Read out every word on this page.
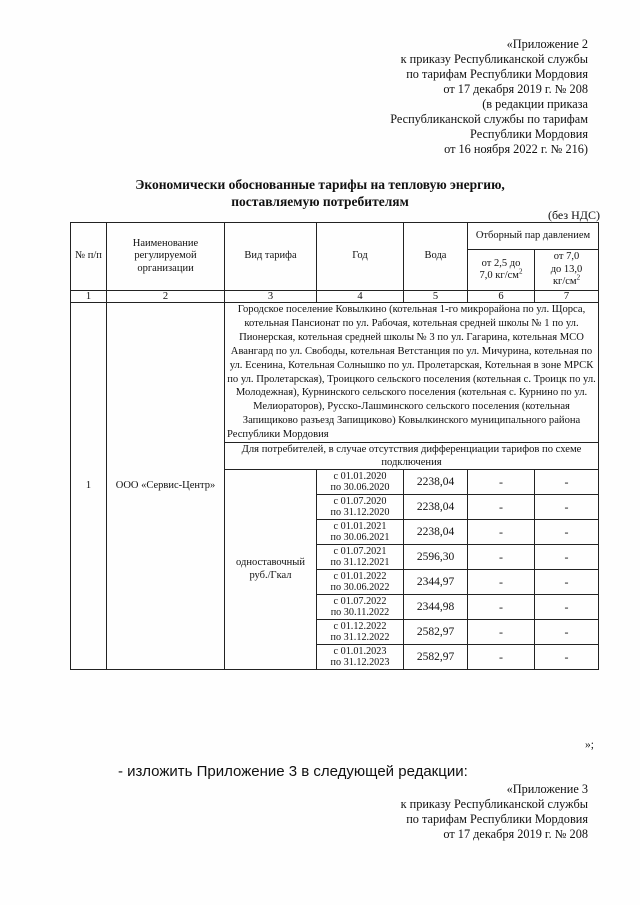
«Приложение 2
к приказу Республиканской службы
по тарифам Республики Мордовия
от 17 декабря 2019 г. № 208
(в редакции приказа
Республиканской службы по тарифам
Республики Мордовия
от 16 ноября 2022 г. № 216)
Экономически обоснованные тарифы на тепловую энергию,
поставляемую потребителям
(без НДС)
№ п/п	Наименование регулируемой организации	Вид тарифа	Год	Вода	Отборный пар давлением	
					от 2,5 до
7,0 $кг/см^2$	от 7,0
до 13,0
$кг/см^2$
1	2	3	4	5	6	7
1	ООО «Сервис-Центр»	Городское поселение Ковылкино (котельная 1-го микрорайона по ул. Щорса, котельная Пансионат по ул. Рабочая, котельная средней школы № 1 по ул. Пионерская, котельная средней школы № 3 по ул. Гагарина, котельная МСО Авангард по ул. Свободы, котельная Ветстанция по ул. Мичурина, котельная по ул. Есенина, Котельная Солнышко по ул. Пролетарская, Котельная в зоне МРСК по ул. Пролетарская), Троицкого сельского поселения (котельная с. Троицк по ул. Молодежная), Курнинского сельского поселения (котельная с. Курнино по ул. Мелиораторов), Русско-Лашминского сельского поселения (котельная Запищиково разъезд Запищиково) Ковылкинского муниципального района Республики Мордовия				
		Для потребителей, в случае отсутствия дифференциации тарифов по схеме подключения				
		одноставочный руб./Гкал	с 01.01.2020
по 30.06.2020	2238,04	-	-
			с 01.07.2020
по 31.12.2020	2238,04	-	-
			с 01.01.2021
по 30.06.2021	2238,04	-	-
			с 01.07.2021
по 31.12.2021	2596,30	-	-
			с 01.01.2022
по 30.06.2022	2344,97	-	-
			с 01.07.2022
по 30.11.2022	2344,98	-	-
			с 01.12.2022
по 31.12.2022	2582,97	-	-
			с 01.01.2023
по 31.12.2023	2582,97	-	-
»;
- изложить Приложение 3 в следующей редакции:
«Приложение 3
к приказу Республиканской службы
по тарифам Республики Мордовия
от 17 декабря 2019 г. № 208
